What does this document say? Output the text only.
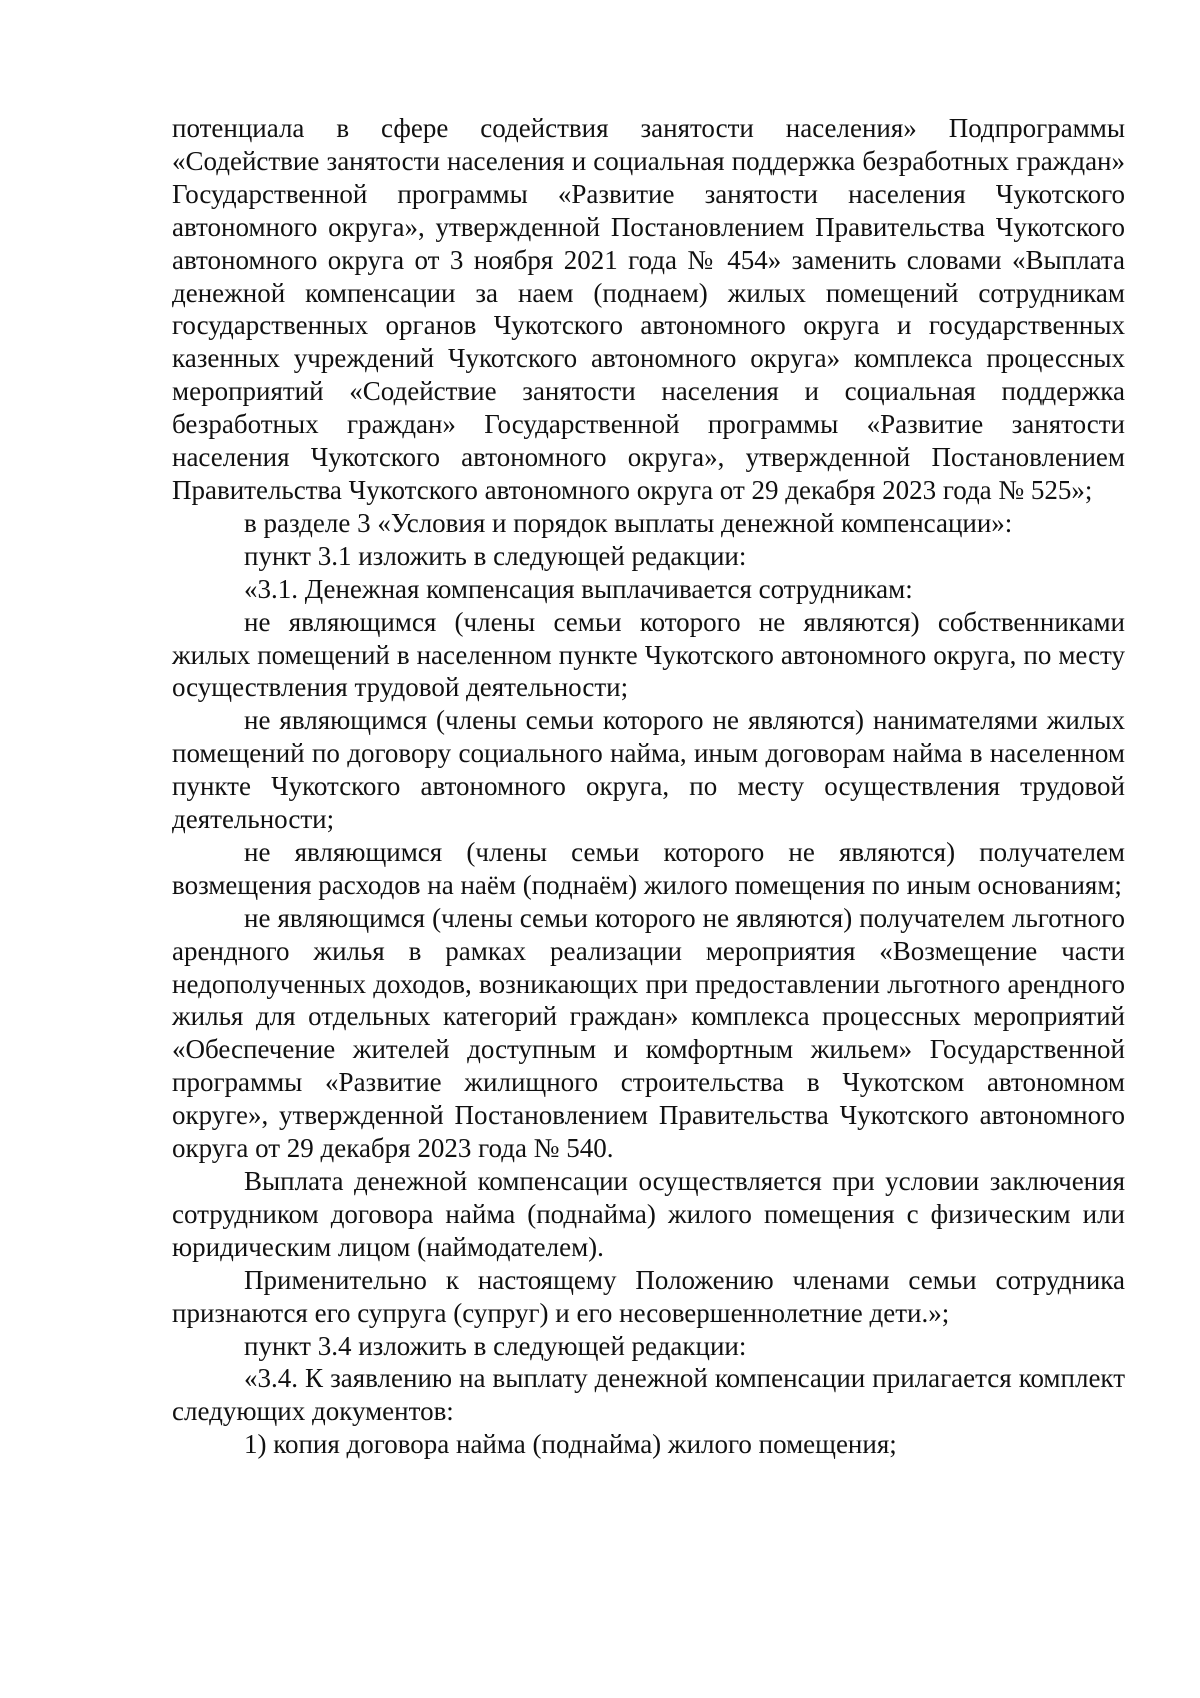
потенциала в сфере содействия занятости населения» Подпрограммы «Содействие занятости населения и социальная поддержка безработных граждан» Государственной программы «Развитие занятости населения Чукотского автономного округа», утвержденной Постановлением Правительства Чукотского автономного округа от 3 ноября 2021 года № 454» заменить словами «Выплата денежной компенсации за наем (поднаем) жилых помещений сотрудникам государственных органов Чукотского автономного округа и государственных казенных учреждений Чукотского автономного округа» комплекса процессных мероприятий «Содействие занятости населения и социальная поддержка безработных граждан» Государственной программы «Развитие занятости населения Чукотского автономного округа», утвержденной Постановлением Правительства Чукотского автономного округа от 29 декабря 2023 года № 525»;

в разделе 3 «Условия и порядок выплаты денежной компенсации»:

пункт 3.1 изложить в следующей редакции:

«3.1. Денежная компенсация выплачивается сотрудникам:

не являющимся (члены семьи которого не являются) собственниками жилых помещений в населенном пункте Чукотского автономного округа, по месту осуществления трудовой деятельности;

не являющимся (члены семьи которого не являются) нанимателями жилых помещений по договору социального найма, иным договорам найма в населенном пункте Чукотского автономного округа, по месту осуществления трудовой деятельности;

не являющимся (члены семьи которого не являются) получателем возмещения расходов на наём (поднаём) жилого помещения по иным основаниям;

не являющимся (члены семьи которого не являются) получателем льготного арендного жилья в рамках реализации мероприятия «Возмещение части недополученных доходов, возникающих при предоставлении льготного арендного жилья для отдельных категорий граждан» комплекса процессных мероприятий «Обеспечение жителей доступным и комфортным жильем» Государственной программы «Развитие жилищного строительства в Чукотском автономном округе», утвержденной Постановлением Правительства Чукотского автономного округа от 29 декабря 2023 года № 540.

Выплата денежной компенсации осуществляется при условии заключения сотрудником договора найма (поднайма) жилого помещения с физическим или юридическим лицом (наймодателем).

Применительно к настоящему Положению членами семьи сотрудника признаются его супруга (супруг) и его несовершеннолетние дети.»;

пункт 3.4 изложить в следующей редакции:

«3.4. К заявлению на выплату денежной компенсации прилагается комплект следующих документов:

1) копия договора найма (поднайма) жилого помещения;
